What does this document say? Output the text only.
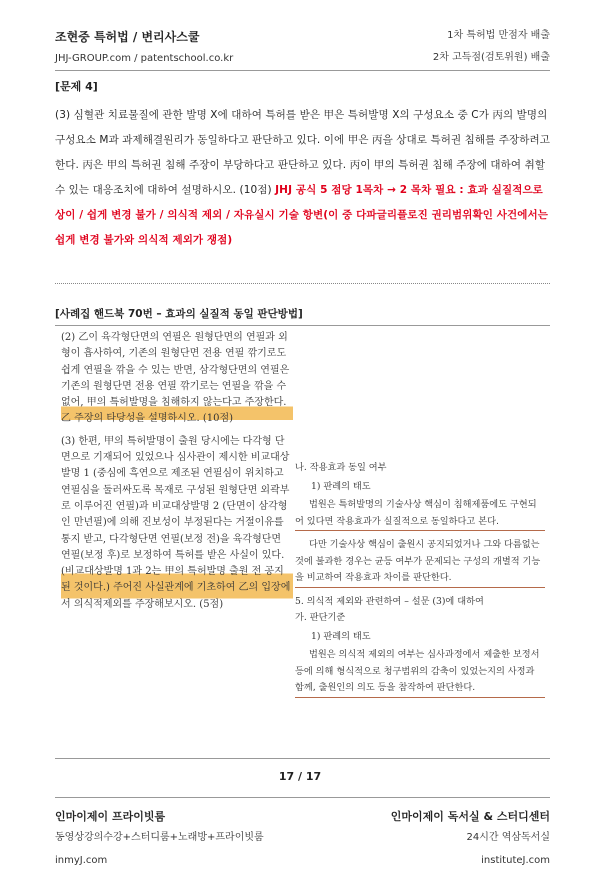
조현중 특허법 / 변리사스쿨
JHJ-GROUP.com / patentschool.co.kr
1차 특허법 만점자 배출
2차 고득점(검토위원) 배출
[문제 4]
(3) 심혈관 치료물질에 관한 발명 X에 대하여 특허를 받은 甲은 특허발명 X의 구성요소 중 C가 丙의 발명의 구성요소 M과 과제해결원리가 동일하다고 판단하고 있다. 이에 甲은 丙을 상대로 특허권 침해를 주장하려고 한다. 丙은 甲의 특허권 침해 주장이 부당하다고 판단하고 있다. 丙이 甲의 특허권 침해 주장에 대하여 취할 수 있는 대응조치에 대하여 설명하시오. (10점) JHJ 공식 5 점당 1목차 → 2 목차 필요 : 효과 실질적으로 상이 / 쉽게 변경 불가 / 의식적 제외 / 자유실시 기술 항변(이 중 다파글리플로진 권리범위확인 사건에서는 쉽게 변경 불가와 의식적 제외가 쟁점)
[사례집 핸드북 70번 – 효과의 실질적 동일 판단방법]

(2) 乙이 육각형단면의 연필은 원형단면의 연필과 외형이 흡사하여, 기존의 원형단면 전용 연필 깎기로도 쉽게 연필을 깎을 수 있는 반면, 삼각형단면의 연필은 기존의 원형단면 전용 연필 깎기로는 연필을 깎을 수 없어, 甲의 특허발명을 침해하지 않는다고 주장한다. 乙 주장의 타당성을 설명하시오. (10점)

(3) 한편, 甲의 특허발명이 출원 당시에는 다각형 단면으로 기재되어 있었으나 심사관이 제시한 비교대상발명 1 (중심에 흑연으로 제조된 연필심이 위치하고 연필심을 둘러싸도록 목재로 구성된 원형단면 외곽부로 이루어진 연필)과 비교대상발명 2 (단면이 삼각형인 만년필)에 의해 진보성이 부정된다는 거절이유를 통지 받고, 다각형단면 연필(보정 전)을 육각형단면 연필(보정 후)로 보정하여 특허를 받은 사실이 있다. (비교대상발명 1과 2는 甲의 특허발명 출원 전 공지된 것이다.) 주어진 사실관계에 기초하여 乙의 입장에서 의식적제외를 주장해보시오. (5점)

나. 작용효과 동일 여부

1) 판례의 태도

법원은 특허발명의 기술사상 핵심이 침해제품에도 구현되어 있다면 작용효과가 실질적으로 동일하다고 본다.

다만 기술사상 핵심이 출원시 공지되었거나 그와 다름없는 것에 불과한 경우는 균등 여부가 문제되는 구성의 개별적 기능을 비교하여 작용효과 차이를 판단한다.

5. 의식적 제외와 관련하여 – 설문 (3)에 대하여

가. 판단기준

1) 판례의 태도

법원은 의식적 제외의 여부는 심사과정에서 제출한 보정서 등에 의해 형식적으로 청구범위의 감축이 있었는지의 사정과 함께, 출원인의 의도 등을 참작하여 판단한다.

17 / 17
인마이제이 프라이빗룸
동영상강의수강+스터디룸+노래방+프라이빗룸
inmyJ.com
인마이제이 독서실 & 스터디센터
24시간 역삼독서실
instituteJ.com
